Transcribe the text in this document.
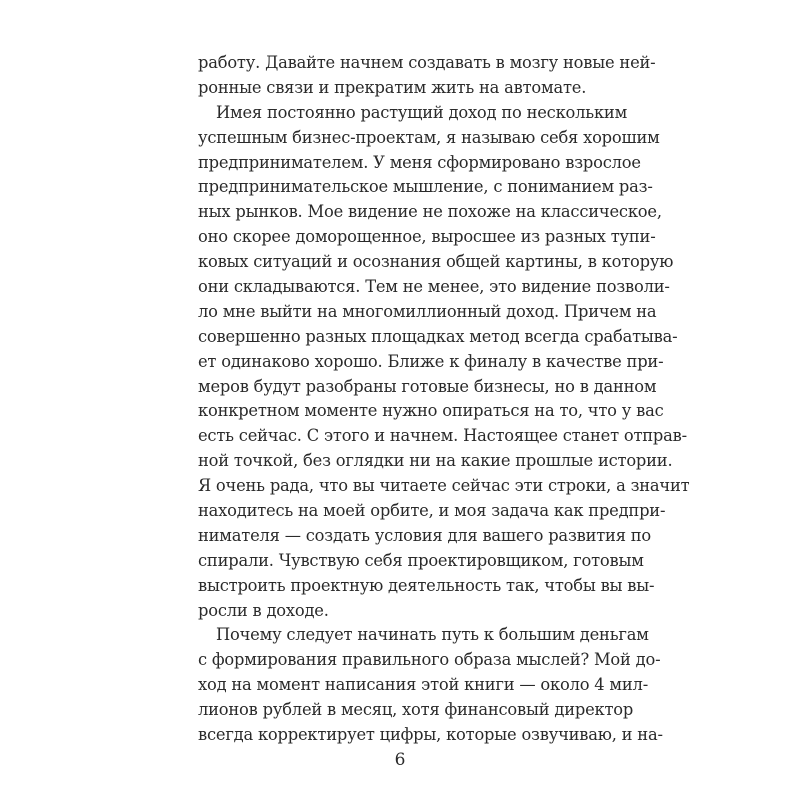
работу. Давайте начнем создавать в мозгу новые ней-
ронные связи и прекратим жить на автомате.
Имея постоянно растущий доход по нескольким
успешным бизнес-проектам, я называю себя хорошим
предпринимателем. У меня сформировано взрослое
предпринимательское мышление, с пониманием раз-
ных рынков. Мое видение не похоже на классическое,
оно скорее доморощенное, выросшее из разных тупи-
ковых ситуаций и осознания общей картины, в которую
они складываются. Тем не менее, это видение позволи-
ло мне выйти на многомиллионный доход. Причем на
совершенно разных площадках метод всегда срабатыва-
ет одинаково хорошо. Ближе к финалу в качестве при-
меров будут разобраны готовые бизнесы, но в данном
конкретном моменте нужно опираться на то, что у вас
есть сейчас. С этого и начнем. Настоящее станет отправ-
ной точкой, без оглядки ни на какие прошлые истории.
Я очень рада, что вы читаете сейчас эти строки, а значит
находитесь на моей орбите, и моя задача как предпри-
нимателя — создать условия для вашего развития по
спирали. Чувствую себя проектировщиком, готовым
выстроить проектную деятельность так, чтобы вы вы-
росли в доходе.
Почему следует начинать путь к большим деньгам
с формирования правильного образа мыслей? Мой до-
ход на момент написания этой книги — около 4 мил-
лионов рублей в месяц, хотя финансовый директор
всегда корректирует цифры, которые озвучиваю, и на-
6
